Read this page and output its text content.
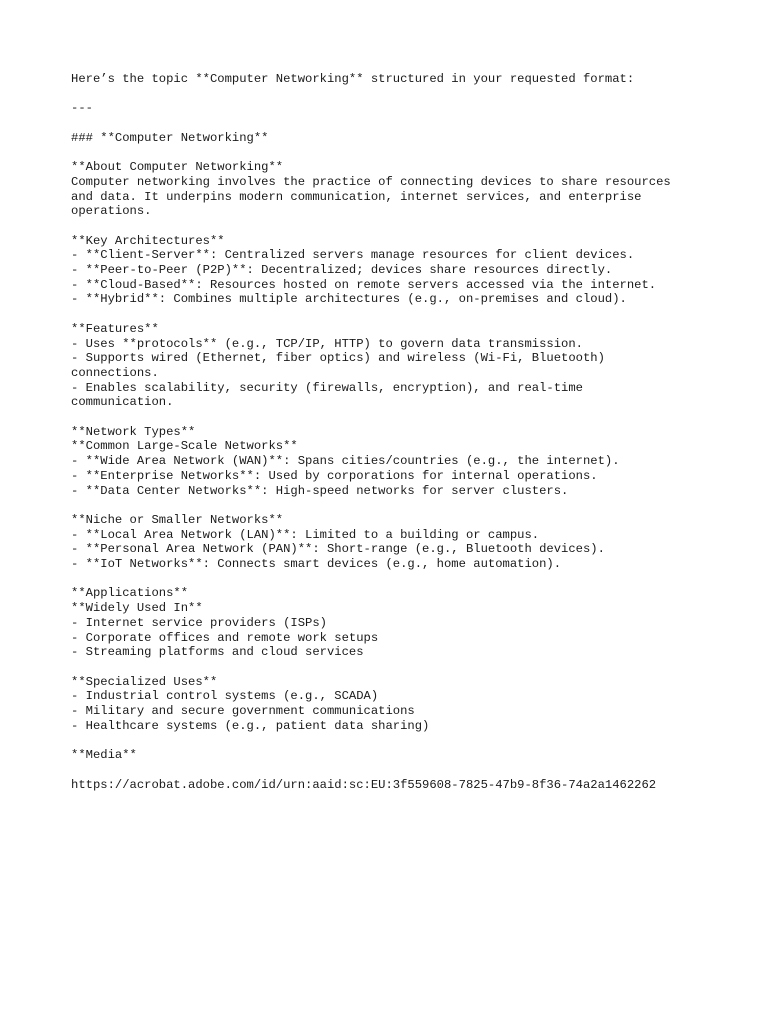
Here’s the topic **Computer Networking** structured in your requested format:
---
### **Computer Networking**
**About Computer Networking**
Computer networking involves the practice of connecting devices to share resources
and data. It underpins modern communication, internet services, and enterprise
operations.
**Key Architectures**
- **Client-Server**: Centralized servers manage resources for client devices.
- **Peer-to-Peer (P2P)**: Decentralized; devices share resources directly.
- **Cloud-Based**: Resources hosted on remote servers accessed via the internet.
- **Hybrid**: Combines multiple architectures (e.g., on-premises and cloud).
**Features**
- Uses **protocols** (e.g., TCP/IP, HTTP) to govern data transmission.
- Supports wired (Ethernet, fiber optics) and wireless (Wi-Fi, Bluetooth)
connections.
- Enables scalability, security (firewalls, encryption), and real-time
communication.
**Network Types**
**Common Large-Scale Networks**
- **Wide Area Network (WAN)**: Spans cities/countries (e.g., the internet).
- **Enterprise Networks**: Used by corporations for internal operations.
- **Data Center Networks**: High-speed networks for server clusters.
**Niche or Smaller Networks**
- **Local Area Network (LAN)**: Limited to a building or campus.
- **Personal Area Network (PAN)**: Short-range (e.g., Bluetooth devices).
- **IoT Networks**: Connects smart devices (e.g., home automation).
**Applications**
**Widely Used In**
- Internet service providers (ISPs)
- Corporate offices and remote work setups
- Streaming platforms and cloud services
**Specialized Uses**
- Industrial control systems (e.g., SCADA)
- Military and secure government communications
- Healthcare systems (e.g., patient data sharing)
**Media**
https://acrobat.adobe.com/id/urn:aaid:sc:EU:3f559608-7825-47b9-8f36-74a2a1462262
